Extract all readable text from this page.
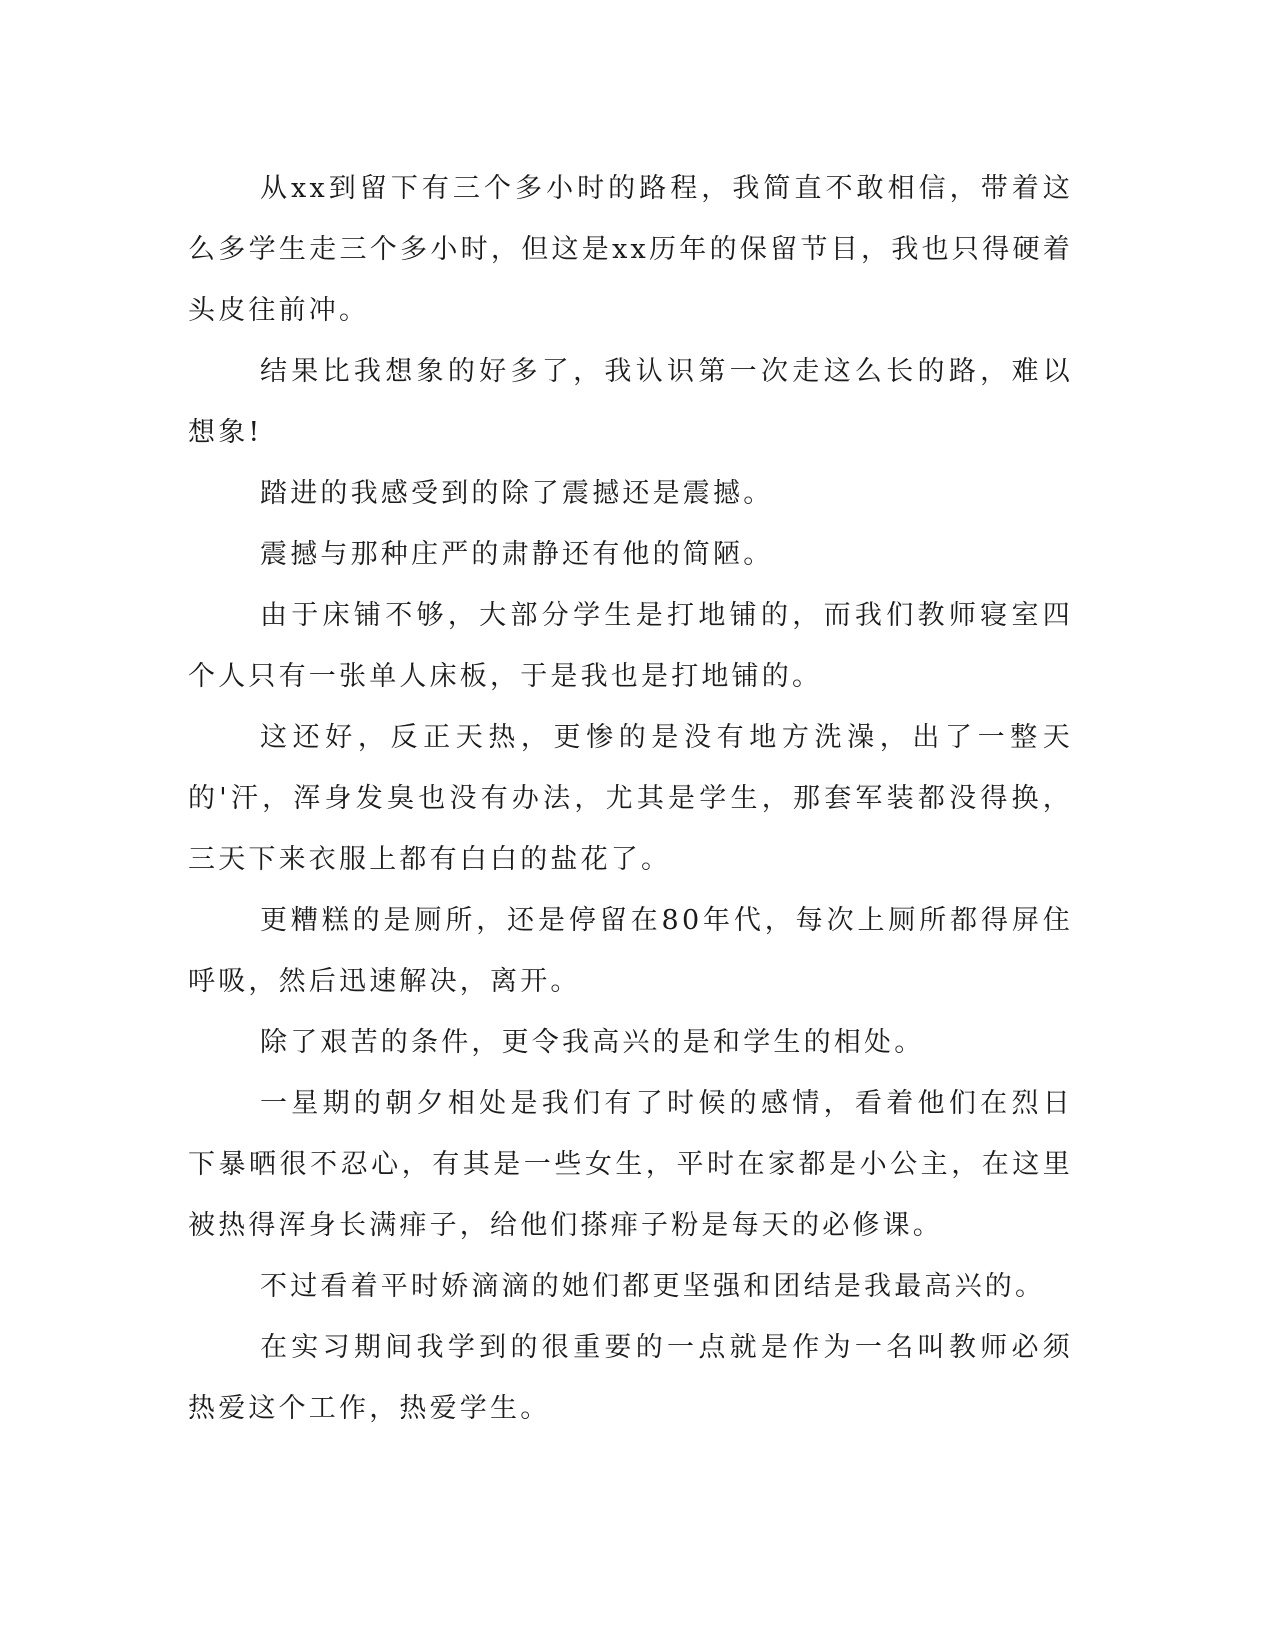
从xx到留下有三个多小时的路程，我简直不敢相信，带着这么多学生走三个多小时，但这是xx历年的保留节目，我也只得硬着头皮往前冲。

结果比我想象的好多了，我认识第一次走这么长的路，难以想象!

踏进的我感受到的除了震撼还是震撼。

震撼与那种庄严的肃静还有他的简陋。

由于床铺不够，大部分学生是打地铺的，而我们教师寝室四个人只有一张单人床板，于是我也是打地铺的。

这还好，反正天热，更惨的是没有地方洗澡，出了一整天的'汗，浑身发臭也没有办法，尤其是学生，那套军装都没得换，三天下来衣服上都有白白的盐花了。

更糟糕的是厕所，还是停留在80年代，每次上厕所都得屏住呼吸，然后迅速解决，离开。

除了艰苦的条件，更令我高兴的是和学生的相处。

一星期的朝夕相处是我们有了时候的感情，看着他们在烈日下暴晒很不忍心，有其是一些女生，平时在家都是小公主，在这里被热得浑身长满痱子，给他们搽痱子粉是每天的必修课。

不过看着平时娇滴滴的她们都更坚强和团结是我最高兴的。

在实习期间我学到的很重要的一点就是作为一名叫教师必须热爱这个工作，热爱学生。
